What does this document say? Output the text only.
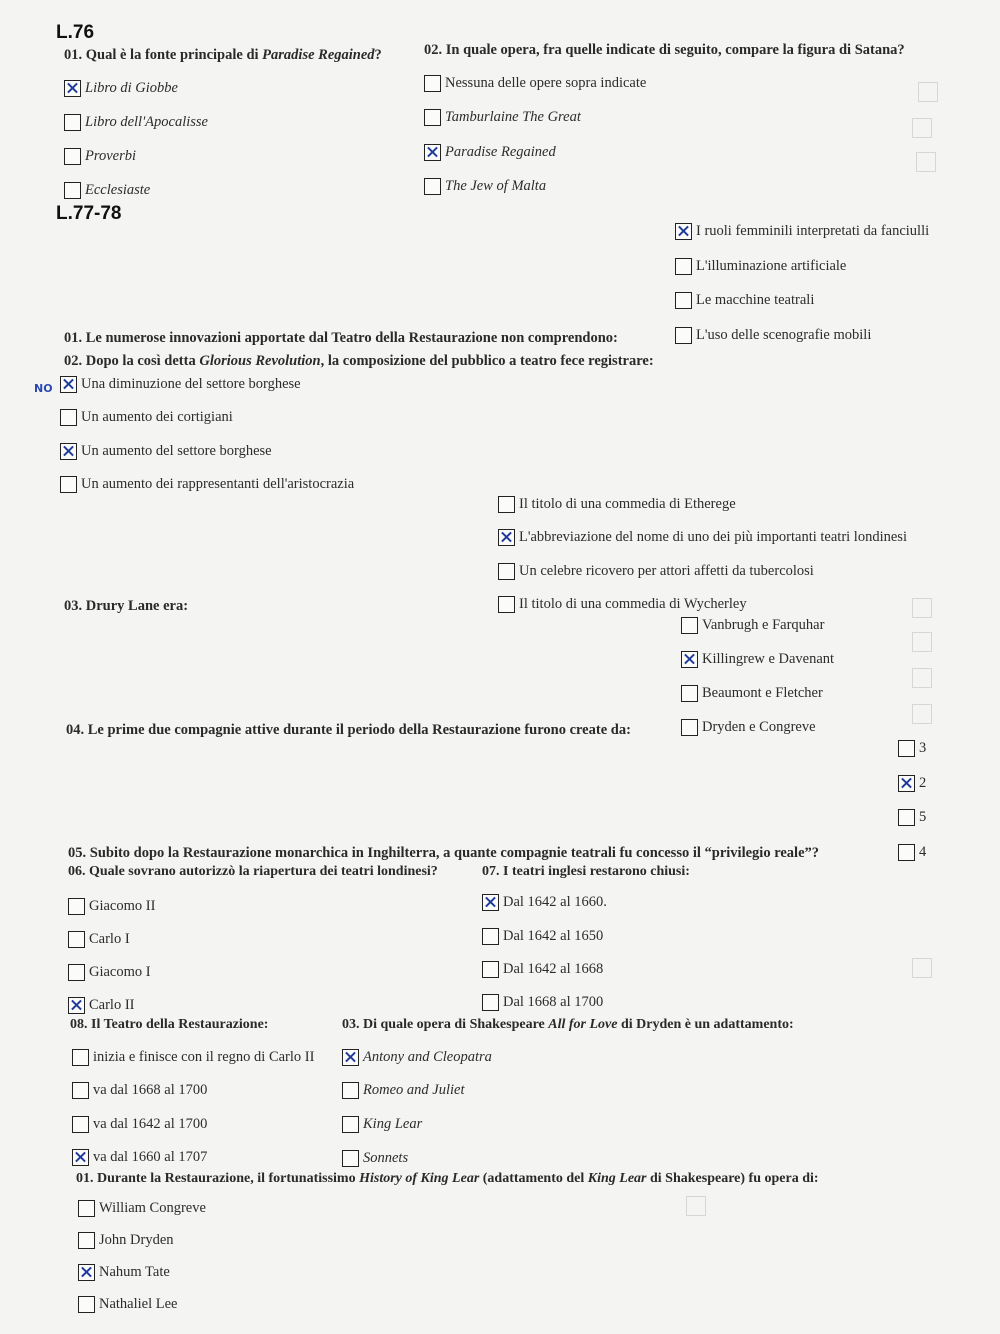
L.76
L.77-78
01. Qual è la fonte principale di Paradise Regained?
Libro di Giobbe
Libro dell'Apocalisse
Proverbi
Ecclesiaste
02. In quale opera, fra quelle indicate di seguito, compare la figura di Satana?
Nessuna delle opere sopra indicate
Tamburlaine The Great
Paradise Regained
The Jew of Malta
I ruoli femminili interpretati da fanciulli
L'illuminazione artificiale
Le macchine teatrali
01. Le numerose innovazioni apportate dal Teatro della Restaurazione non comprendono:	L'uso delle scenografie mobili
02. Dopo la così detta Glorious Revolution, la composizione del pubblico a teatro fece registrare:
NO Una diminuzione del settore borghese
Un aumento dei cortigiani
Un aumento del settore borghese
Un aumento dei rappresentanti dell'aristocrazia
Il titolo di una commedia di Etherege
L'abbreviazione del nome di uno dei più importanti teatri londinesi
Un celebre ricovero per attori affetti da tubercolosi
03. Drury Lane era:	Il titolo di una commedia di Wycherley
Vanbrugh e Farquhar
Killingrew e Davenant
Beaumont e Fletcher
04. Le prime due compagnie attive durante il periodo della Restaurazione furono create da:	Dryden e Congreve
3
2
5
05. Subito dopo la Restaurazione monarchica in Inghilterra, a quante compagnie teatrali fu concesso il “privilegio reale”?	4
06. Quale sovrano autorizzò la riapertura dei teatri londinesi?	07. I teatri inglesi restarono chiusi:
Giacomo II
Carlo I
Giacomo I
Carlo II
Dal 1642 al 1660.
Dal 1642 al 1650
Dal 1642 al 1668
Dal 1668 al 1700
08. Il Teatro della Restaurazione:	03. Di quale opera di Shakespeare All for Love di Dryden è un adattamento:
inizia e finisce con il regno di Carlo II
va dal 1668 al 1700
va dal 1642 al 1700
va dal 1660 al 1707
Antony and Cleopatra
Romeo and Juliet
King Lear
Sonnets
01. Durante la Restaurazione, il fortunatissimo History of King Lear (adattamento del King Lear di Shakespeare) fu opera di:
William Congreve
John Dryden
Nahum Tate
Nathaliel Lee
